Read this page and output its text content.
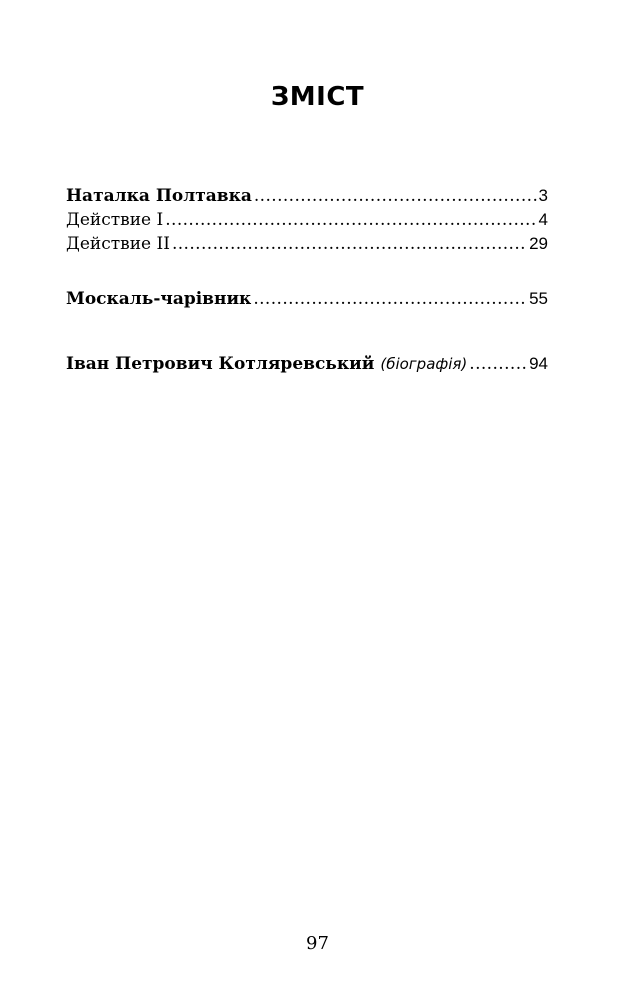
ЗМІСТ
Наталка Полтавка .....	3
Действие I .....	4
Действие II .....	29
Москаль-чарівник .....	55
Іван Петрович Котляревський (біографія) .....	94
97
